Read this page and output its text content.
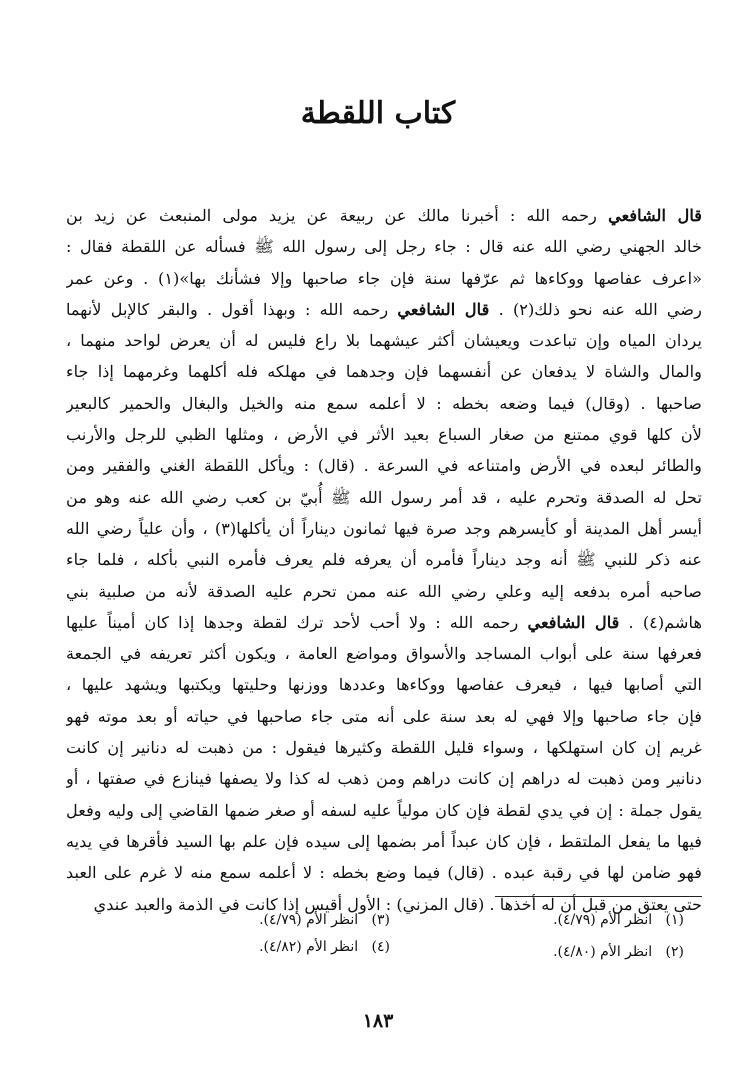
كتاب اللقطة
قال الشافعي رحمه الله : أخبرنا مالك عن ربيعة عن يزيد مولى المنبعث عن زيد بن
خالد الجهني رضي الله عنه قال : جاء رجل إلى رسول الله ﷺ فسأله عن اللقطة فقال :
«اعرف عفاصها ووكاءها ثم عرّفها سنة فإن جاء صاحبها وإلا فشأنك بها»(١) . وعن عمر
رضي الله عنه نحو ذلك(٢) . قال الشافعي رحمه الله : وبهذا أقول . والبقر كالإبل لأنهما
يردان المياه وإن تباعدت ويعيشان أكثر عيشهما بلا راع فليس له أن يعرض لواحد منهما ،
والمال والشاة لا يدفعان عن أنفسهما فإن وجدهما في مهلكه فله أكلهما وغرمهما إذا جاء
صاحبها . (وقال) فيما وضعه بخطه : لا أعلمه سمع منه والخيل والبغال والحمير كالبعير
لأن كلها قوي ممتنع من صغار السباع بعيد الأثر في الأرض ، ومثلها الظبي للرجل والأرنب
والطائر لبعده في الأرض وامتناعه في السرعة . (قال) : ويأكل اللقطة الغني والفقير ومن
تحل له الصدقة وتحرم عليه ، قد أمر رسول الله ﷺ أُبيّ بن كعب رضي الله عنه وهو من
أيسر أهل المدينة أو كأيسرهم وجد صرة فيها ثمانون ديناراً أن يأكلها(٣) ، وأن علياً رضي الله
عنه ذكر للنبي ﷺ أنه وجد ديناراً فأمره أن يعرفه فلم يعرف فأمره النبي بأكله ، فلما جاء
صاحبه أمره بدفعه إليه وعلي رضي الله عنه ممن تحرم عليه الصدقة لأنه من صلبية بني
هاشم(٤) . قال الشافعي رحمه الله : ولا أحب لأحد ترك لقطة وجدها إذا كان أميناً عليها
فعرفها سنة على أبواب المساجد والأسواق ومواضع العامة ، ويكون أكثر تعريفه في الجمعة
التي أصابها فيها ، فيعرف عفاصها ووكاءها وعددها ووزنها وحليتها ويكتبها ويشهد عليها ،
فإن جاء صاحبها وإلا فهي له بعد سنة على أنه متى جاء صاحبها في حياته أو بعد موته فهو
غريم إن كان استهلكها ، وسواء قليل اللقطة وكثيرها فيقول : من ذهبت له دنانير إن كانت
دنانير ومن ذهبت له دراهم إن كانت دراهم ومن ذهب له كذا ولا يصفها فينازع في صفتها ، أو
يقول جملة : إن في يدي لقطة فإن كان مولياً عليه لسفه أو صغر ضمها القاضي إلى وليه وفعل
فيها ما يفعل الملتقط ، فإن كان عبداً أمر بضمها إلى سيده فإن علم بها السيد فأقرها في يديه
فهو ضامن لها في رقبة عبده . (قال) فيما وضع بخطه : لا أعلمه سمع منه لا غرم على العبد
حتى يعتق من قبل أن له أخذها . (قال المزني) : الأول أقيس إذا كانت في الذمة والعبد عندي
(١)   انظر الأم (٤/٧٩).
(٢)   انظر الأم (٤/٨٠).
(٣)   انظر الأم (٤/٧٩).
(٤)   انظر الأم (٤/٨٢).
١٨٣
